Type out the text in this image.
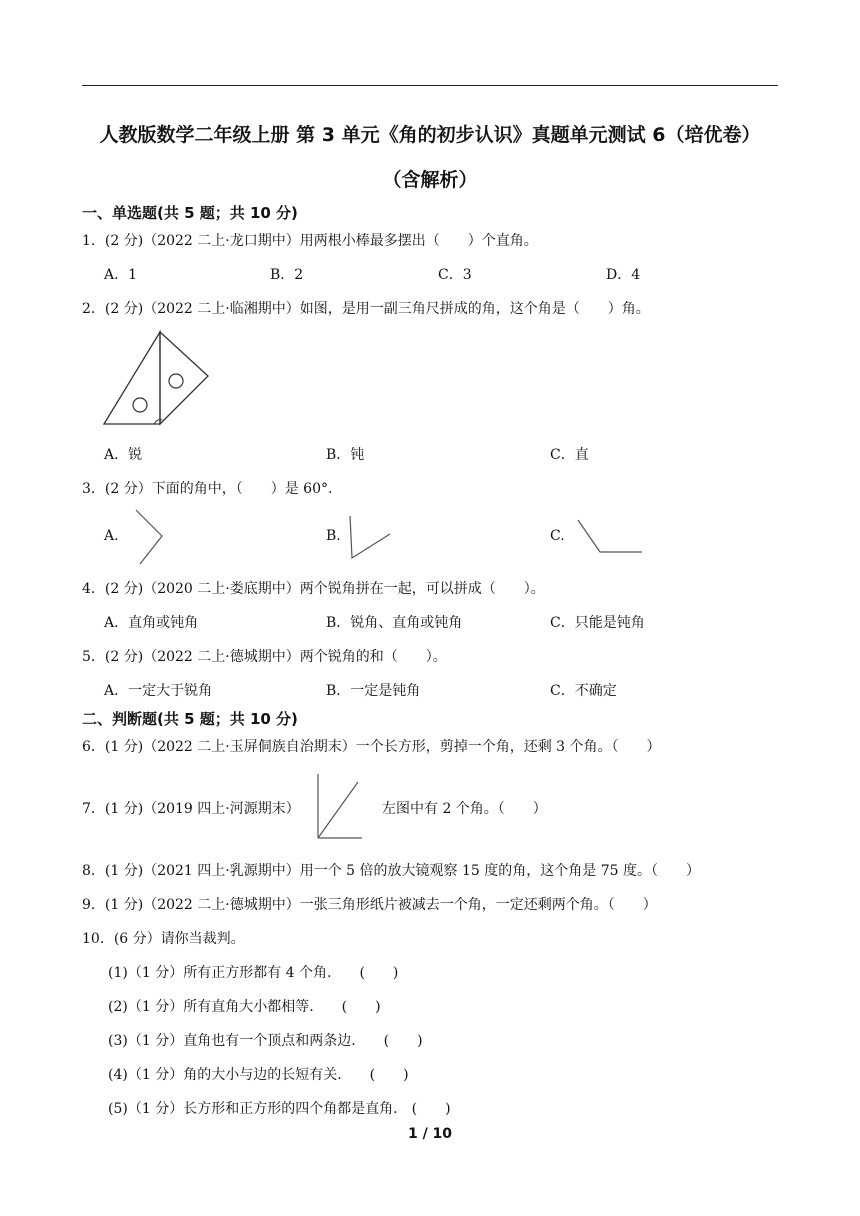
人教版数学二年级上册 第 3 单元《角的初步认识》真题单元测试 6（培优卷）
（含解析）
一、单选题(共 5 题；共 10 分)
1．(2 分)（2022 二上·龙口期中）用两根小棒最多摆出（　　）个直角。
A．1	B．2	C．3	D．4
2．(2 分)（2022 二上·临湘期中）如图，是用一副三角尺拼成的角，这个角是（　　）角。
A．锐	B．钝	C．直
3．(2 分）下面的角中，（　　）是 60°.
A.	B.	C.
4．(2 分)（2020 二上·娄底期中）两个锐角拼在一起，可以拼成（　　）。
A．直角或钝角	B．锐角、直角或钝角	C．只能是钝角
5．(2 分)（2022 二上·德城期中）两个锐角的和（　　）。
A．一定大于锐角	B．一定是钝角	C．不确定
二、判断题(共 5 题；共 10 分)
6．(1 分)（2022 二上·玉屏侗族自治期末）一个长方形，剪掉一个角，还剩 3 个角。（　　）
7．(1 分)（2019 四上·河源期末）	左图中有 2 个角。（　　）
8．(1 分)（2021 四上·乳源期中）用一个 5 倍的放大镜观察 15 度的角，这个角是 75 度。（　　）
9．(1 分)（2022 二上·德城期中）一张三角形纸片被减去一个角，一定还剩两个角。（　　）
10．(6 分）请你当裁判。
(1)（1 分）所有正方形都有 4 个角.　　(　　)
(2)（1 分）所有直角大小都相等.　　(　　)
(3)（1 分）直角也有一个顶点和两条边.　　(　　)
(4)（1 分）角的大小与边的长短有关.　　(　　)
(5)（1 分）长方形和正方形的四个角都是直角.　(　　)
1 / 10
